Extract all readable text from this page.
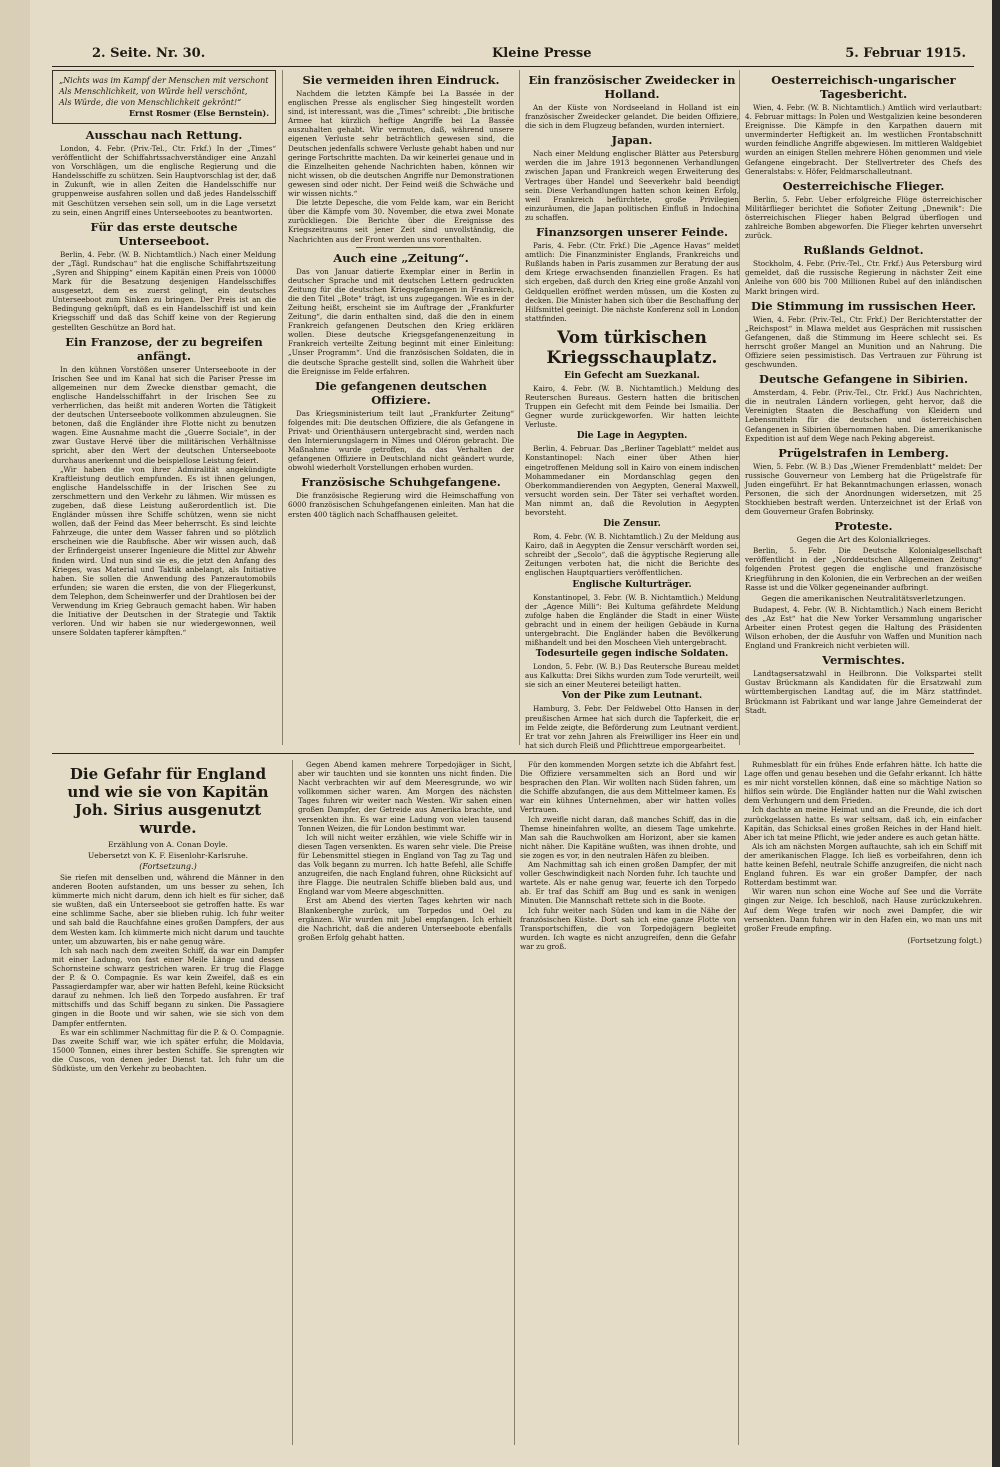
2. Seite. Nr. 30.	Kleine Presse	5. Februar 1915.
„Nichts was im Kampf der Menschen mit verschont
Als Menschlichkeit, von Würde hell verschönt,
Als Würde, die von Menschlichkeit gekrönt!“
Ernst Rosmer (Else Bernstein).
Ausschau nach Rettung.

London, 4. Febr. (Priv.-Tel., Ctr. Frkf.) In der „Times“ veröffentlicht der Schiffahrtssachverständiger eine Anzahl von Vorschlägen, um die englische Regierung und die Handelsschiffe zu schützen. Sein Hauptvorschlag ist der, daß in Zukunft, wie in allen Zeiten die Handelsschiffe nur gruppenweise ausfahren sollen und daß jedes Handelsschiff mit Geschützen versehen sein soll, um in die Lage versetzt zu sein, einen Angriff eines Unterseebootes zu beantworten.

Für das erste deutsche Unterseeboot.

Berlin, 4. Febr. (W. B. Nichtamtlich.) Nach einer Meldung der „Tägl. Rundschau“ hat die englische Schiffahrtszeitung „Syren and Shipping“ einem Kapitän einen Preis von 10000 Mark für die Besatzung desjenigen Handelsschiffes ausgesetzt, dem es zuerst gelingt, ein deutsches Unterseeboot zum Sinken zu bringen. Der Preis ist an die Bedingung geknüpft, daß es ein Handelsschiff ist und kein Kriegsschiff und daß das Schiff keine von der Regierung gestellten Geschütze an Bord hat.

Ein Franzose, der zu begreifen anfängt.

In den kühnen Vorstößen unserer Unterseeboote in der Irischen See und im Kanal hat sich die Pariser Presse im allgemeinen nur dem Zwecke dienstbar gemacht, die englische Handelsschiffahrt in der Irischen See zu verherrlichen, das heißt mit anderen Worten die Tätigkeit der deutschen Unterseeboote vollkommen abzuleugnen. Sie betonen, daß die Engländer ihre Flotte nicht zu benutzen wagen. Eine Ausnahme macht die „Guerre Sociale“, in der zwar Gustave Hervé über die militärischen Verhältnisse spricht, aber den Wert der deutschen Unterseeboote durchaus anerkennt und die beispiellose Leistung feiert.

„Wir haben die von ihrer Admiralität angekündigte Kraftleistung deutlich empfunden. Es ist ihnen gelungen, englische Handelsschiffe in der Irischen See zu zerschmettern und den Verkehr zu lähmen. Wir müssen es zugeben, daß diese Leistung außerordentlich ist. Die Engländer müssen ihre Schiffe schützen, wenn sie nicht wollen, daß der Feind das Meer beherrscht. Es sind leichte Fahrzeuge, die unter dem Wasser fahren und so plötzlich erscheinen wie die Raubfische. Aber wir wissen auch, daß der Erfindergeist unserer Ingenieure die Mittel zur Abwehr finden wird. Und nun sind sie es, die jetzt den Anfang des Krieges, was Material und Taktik anbelangt, als Initiative haben. Sie sollen die Anwendung des Panzerautomobils erfunden; sie waren die ersten, die von der Fliegerkunst, dem Telephon, dem Scheinwerfer und der Drahtlosen bei der Verwendung im Krieg Gebrauch gemacht haben. Wir haben die Initiative der Deutschen in der Strategie und Taktik verloren. Und wir haben sie nur wiedergewonnen, weil unsere Soldaten tapferer kämpften.“

Sie vermeiden ihren Eindruck.

Nachdem die letzten Kämpfe bei La Bassée in der englischen Presse als englischer Sieg hingestellt worden sind, ist interessant, was die „Times“ schreibt: „Die britische Armee hat kürzlich heftige Angriffe bei La Bassée auszuhalten gehabt. Wir vermuten, daß, während unsere eigenen Verluste sehr beträchtlich gewesen sind, die Deutschen jedenfalls schwere Verluste gehabt haben und nur geringe Fortschritte machten. Da wir keinerlei genaue und in die Einzelheiten gehende Nachrichten haben, können wir nicht wissen, ob die deutschen Angriffe nur Demonstrationen gewesen sind oder nicht. Der Feind weiß die Schwäche und wir wissen nichts.“

Die letzte Depesche, die vom Felde kam, war ein Bericht über die Kämpfe vom 30. November, die etwa zwei Monate zurückliegen. Die Berichte über die Ereignisse des Kriegszeitraums seit jener Zeit sind unvollständig, die Nachrichten aus der Front werden uns vorenthalten.

Auch eine „Zeitung“.

Das von Januar datierte Exemplar einer in Berlin in deutscher Sprache und mit deutschen Lettern gedruckten Zeitung für die deutschen Kriegsgefangenen in Frankreich, die den Titel „Bote“ trägt, ist uns zugegangen. Wie es in der Zeitung heißt, erscheint sie im Auftrage der „Frankfurter Zeitung“, die darin enthalten sind, daß die den in einem Frankreich gefangenen Deutschen den Krieg erklären wollen. Diese deutsche Kriegsgefangenenzeitung in Frankreich verteilte Zeitung beginnt mit einer Einleitung: „Unser Programm“. Und die französischen Soldaten, die in die deutsche Sprache gestellt sind, sollen die Wahrheit über die Ereignisse im Felde erfahren.

Die gefangenen deutschen Offiziere.

Das Kriegsministerium teilt laut „Frankfurter Zeitung“ folgendes mit: Die deutschen Offiziere, die als Gefangene in Privat- und Orienthäusern untergebracht sind, werden nach den Internierungslagern in Nîmes und Oléron gebracht. Die Maßnahme wurde getroffen, da das Verhalten der gefangenen Offiziere in Deutschland nicht geändert wurde, obwohl wiederholt Vorstellungen erhoben wurden.

Französische Schuhgefangene.

Die französische Regierung wird die Heimschaffung von 6000 französischen Schuhgefangenen einleiten. Man hat die ersten 400 täglich nach Schaffhausen geleitet.

Ein französischer Zweidecker in Holland.

An der Küste von Nordseeland in Holland ist ein französischer Zweidecker gelandet. Die beiden Offiziere, die sich in dem Flugzeug befanden, wurden interniert.

Japan.

Nach einer Meldung englischer Blätter aus Petersburg werden die im Jahre 1913 begonnenen Verhandlungen zwischen Japan und Frankreich wegen Erweiterung des Vertrages über Handel und Seeverkehr bald beendigt sein. Diese Verhandlungen hatten schon keinen Erfolg, weil Frankreich befürchtete, große Privilegien einzuräumen, die Japan politischen Einfluß in Indochina zu schaffen.

Finanzsorgen unserer Feinde.

Paris, 4. Febr. (Ctr. Frkf.) Die „Agence Havas“ meldet amtlich: Die Finanzminister Englands, Frankreichs und Rußlands haben in Paris zusammen zur Beratung der aus dem Kriege erwachsenden finanziellen Fragen. Es hat sich ergeben, daß durch den Krieg eine große Anzahl von Geldquellen eröffnet werden müssen, um die Kosten zu decken. Die Minister haben sich über die Beschaffung der Hilfsmittel geeinigt. Die nächste Konferenz soll in London stattfinden.

Vom türkischen Kriegsschauplatz.
Ein Gefecht am Suezkanal.

Kairo, 4. Febr. (W. B. Nichtamtlich.) Meldung des Reuterschen Bureaus. Gestern hatten die britischen Truppen ein Gefecht mit dem Feinde bei Ismailia. Der Gegner wurde zurückgeworfen. Wir hatten leichte Verluste.

Die Lage in Aegypten.

Berlin, 4. Februar. Das „Berliner Tageblatt“ meldet aus Konstantinopel: Nach einer über Athen hier eingetroffenen Meldung soll in Kairo von einem indischen Mohammedaner ein Mordanschlag gegen den Oberkommandierenden von Aegypten, General Maxwell, versucht worden sein. Der Täter sei verhaftet worden. Man nimmt an, daß die Revolution in Aegypten bevorsteht.

Die Zensur.

Rom, 4. Febr. (W. B. Nichtamtlich.) Zu der Meldung aus Kairo, daß in Aegypten die Zensur verschärft worden sei, schreibt der „Secolo“, daß die ägyptische Regierung alle Zeitungen verboten hat, die nicht die Berichte des englischen Hauptquartiers veröffentlichen.

Englische Kulturträger.

Konstantinopel, 3. Febr. (W. B. Nichtamtlich.) Meldung der „Agence Milli“: Bei Kultuma gefährdete Meldung zufolge haben die Engländer die Stadt in einer Wüste gebracht und in einem der heiligen Gebäude in Kurna untergebracht. Die Engländer haben die Bevölkerung mißhandelt und bei den Moscheen Vieh untergebracht.

Todesurteile gegen indische Soldaten.

London, 5. Febr. (W. B.) Das Reutersche Bureau meldet aus Kalkutta: Drei Sikhs wurden zum Tode verurteilt, weil sie sich an einer Meuterei beteiligt hatten.

Von der Pike zum Leutnant.

Hamburg, 3. Febr. Der Feldwebel Otto Hansen in der preußischen Armee hat sich durch die Tapferkeit, die er im Felde zeigte, die Beförderung zum Leutnant verdient. Er trat vor zehn Jahren als Freiwilliger ins Heer ein und hat sich durch Fleiß und Pflichttreue emporgearbeitet.

Oesterreichisch-ungarischer Tagesbericht.

Wien, 4. Febr. (W. B. Nichtamtlich.) Amtlich wird verlautbart: 4. Februar mittags: In Polen und Westgalizien keine besonderen Ereignisse. Die Kämpfe in den Karpathen dauern mit unverminderter Heftigkeit an. Im westlichen Frontabschnitt wurden feindliche Angriffe abgewiesen. Im mittleren Waldgebiet wurden an einigen Stellen mehrere Höhen genommen und viele Gefangene eingebracht. Der Stellvertreter des Chefs des Generalstabs: v. Höfer, Feldmarschalleutnant.

Oesterreichische Flieger.

Berlin, 5. Febr. Ueber erfolgreiche Flüge österreichischer Militärflieger berichtet die Sofioter Zeitung „Dnewnik“: Die österreichischen Flieger haben Belgrad überflogen und zahlreiche Bomben abgeworfen. Die Flieger kehrten unversehrt zurück.

Rußlands Geldnot.

Stockholm, 4. Febr. (Priv.-Tel., Ctr. Frkf.) Aus Petersburg wird gemeldet, daß die russische Regierung in nächster Zeit eine Anleihe von 600 bis 700 Millionen Rubel auf den inländischen Markt bringen wird.

Die Stimmung im russischen Heer.

Wien, 4. Febr. (Priv.-Tel., Ctr. Frkf.) Der Berichterstatter der „Reichspost“ in Mlawa meldet aus Gesprächen mit russischen Gefangenen, daß die Stimmung im Heere schlecht sei. Es herrscht großer Mangel an Munition und an Nahrung. Die Offiziere seien pessimistisch. Das Vertrauen zur Führung ist geschwunden.

Deutsche Gefangene in Sibirien.

Amsterdam, 4. Febr. (Priv.-Tel., Ctr. Frkf.) Aus Nachrichten, die in neutralen Ländern vorliegen, geht hervor, daß die Vereinigten Staaten die Beschaffung von Kleidern und Lebensmitteln für die deutschen und österreichischen Gefangenen in Sibirien übernommen haben. Die amerikanische Expedition ist auf dem Wege nach Peking abgereist.

Prügelstrafen in Lemberg.

Wien, 5. Febr. (W. B.) Das „Wiener Fremdenblatt“ meldet: Der russische Gouverneur von Lemberg hat die Prügelstrafe für Juden eingeführt. Er hat Bekanntmachungen erlassen, wonach Personen, die sich der Anordnungen widersetzen, mit 25 Stockhieben bestraft werden. Unterzeichnet ist der Erlaß von dem Gouverneur Grafen Bobrinsky.

Proteste.
Gegen die Art des Kolonialkrieges.

Berlin, 5. Febr. Die Deutsche Kolonialgesellschaft veröffentlicht in der „Norddeutschen Allgemeinen Zeitung“ folgenden Protest gegen die englische und französische Kriegführung in den Kolonien, die ein Verbrechen an der weißen Rasse ist und die Völker gegeneinander aufbringt.

Gegen die amerikanischen Neutralitätsverletzungen.

Budapest, 4. Febr. (W. B. Nichtamtlich.) Nach einem Bericht des „Az Est“ hat die New Yorker Versammlung ungarischer Arbeiter einen Protest gegen die Haltung des Präsidenten Wilson erhoben, der die Ausfuhr von Waffen und Munition nach England und Frankreich nicht verbieten will.

Vermischtes.

Landtagsersatzwahl in Heilbronn. Die Volkspartei stellt Gustav Brückmann als Kandidaten für die Ersatzwahl zum württembergischen Landtag auf, die im März stattfindet. Brückmann ist Fabrikant und war lange Jahre Gemeinderat der Stadt.

Die Gefahr für England und wie sie von Kapitän Joh. Sirius ausgenutzt wurde.
Erzählung von A. Conan Doyle.
Uebersetzt von K. F. Eisenlohr-Karlsruhe.
(Fortsetzung.)

Sie riefen mit denselben und, während die Männer in den anderen Booten aufstanden, um uns besser zu sehen, Ich kümmerte mich nicht darum, denn ich hielt es für sicher, daß sie wußten, daß ein Unterseeboot sie getroffen hatte. Es war eine schlimme Sache, aber sie blieben ruhig. Ich fuhr weiter und sah bald die Rauchfahne eines großen Dampfers, der aus dem Westen kam. Ich kümmerte mich nicht darum und tauchte unter, um abzuwarten, bis er nahe genug wäre.

Ich sah nach nach dem zweiten Schiff, da war ein Dampfer mit einer Ladung, von fast einer Meile Länge und dessen Schornsteine schwarz gestrichen waren. Er trug die Flagge der P. & O. Compagnie. Es war kein Zweifel, daß es ein Passagierdampfer war, aber wir hatten Befehl, keine Rücksicht darauf zu nehmen. Ich ließ den Torpedo ausfahren. Er traf mittschiffs und das Schiff begann zu sinken. Die Passagiere gingen in die Boote und wir sahen, wie sie sich von dem Dampfer entfernten.

Es war ein schlimmer Nachmittag für die P. & O. Compagnie. Das zweite Schiff war, wie ich später erfuhr, die Moldavia, 15000 Tonnen, eines ihrer besten Schiffe. Sie sprengten wir die Cuscos, von denen jeder Dienst tat. Ich fuhr um die Südküste, um den Verkehr zu beobachten.

Gegen Abend kamen mehrere Torpedojäger in Sicht, aber wir tauchten und sie konnten uns nicht finden. Die Nacht verbrachten wir auf dem Meeresgrunde, wo wir vollkommen sicher waren. Am Morgen des nächsten Tages fuhren wir weiter nach Westen. Wir sahen einen großen Dampfer, der Getreide aus Amerika brachte, und versenkten ihn. Es war eine Ladung von vielen tausend Tonnen Weizen, die für London bestimmt war.

Ich will nicht weiter erzählen, wie viele Schiffe wir in diesen Tagen versenkten. Es waren sehr viele. Die Preise für Lebensmittel stiegen in England von Tag zu Tag und das Volk begann zu murren. Ich hatte Befehl, alle Schiffe anzugreifen, die nach England fuhren, ohne Rücksicht auf ihre Flagge. Die neutralen Schiffe blieben bald aus, und England war vom Meere abgeschnitten.

Erst am Abend des vierten Tages kehrten wir nach Blankenberghe zurück, um Torpedos und Oel zu ergänzen. Wir wurden mit Jubel empfangen. Ich erhielt die Nachricht, daß die anderen Unterseeboote ebenfalls großen Erfolg gehabt hatten.

Für den kommenden Morgen setzte ich die Abfahrt fest. Die Offiziere versammelten sich an Bord und wir besprachen den Plan. Wir wollten nach Süden fahren, um die Schiffe abzufangen, die aus dem Mittelmeer kamen. Es war ein kühnes Unternehmen, aber wir hatten volles Vertrauen.

Ich zweifle nicht daran, daß manches Schiff, das in die Themse hineinfahren wollte, an diesem Tage umkehrte. Man sah die Rauchwolken am Horizont, aber sie kamen nicht näher. Die Kapitäne wußten, was ihnen drohte, und sie zogen es vor, in den neutralen Häfen zu bleiben.

Am Nachmittag sah ich einen großen Dampfer, der mit voller Geschwindigkeit nach Norden fuhr. Ich tauchte und wartete. Als er nahe genug war, feuerte ich den Torpedo ab. Er traf das Schiff am Bug und es sank in wenigen Minuten. Die Mannschaft rettete sich in die Boote.

Ich fuhr weiter nach Süden und kam in die Nähe der französischen Küste. Dort sah ich eine ganze Flotte von Transportschiffen, die von Torpedojägern begleitet wurden. Ich wagte es nicht anzugreifen, denn die Gefahr war zu groß.

Ruhmesblatt für ein frühes Ende erfahren hätte. Ich hatte die Lage offen und genau besehen und die Gefahr erkannt. Ich hätte es mir nicht vorstellen können, daß eine so mächtige Nation so hilflos sein würde. Die Engländer hatten nur die Wahl zwischen dem Verhungern und dem Frieden.

Ich dachte an meine Heimat und an die Freunde, die ich dort zurückgelassen hatte. Es war seltsam, daß ich, ein einfacher Kapitän, das Schicksal eines großen Reiches in der Hand hielt. Aber ich tat meine Pflicht, wie jeder andere es auch getan hätte.

Als ich am nächsten Morgen auftauchte, sah ich ein Schiff mit der amerikanischen Flagge. Ich ließ es vorbeifahren, denn ich hatte keinen Befehl, neutrale Schiffe anzugreifen, die nicht nach England fuhren. Es war ein großer Dampfer, der nach Rotterdam bestimmt war.

Wir waren nun schon eine Woche auf See und die Vorräte gingen zur Neige. Ich beschloß, nach Hause zurückzukehren. Auf dem Wege trafen wir noch zwei Dampfer, die wir versenkten. Dann fuhren wir in den Hafen ein, wo man uns mit großer Freude empfing.

(Fortsetzung folgt.)
